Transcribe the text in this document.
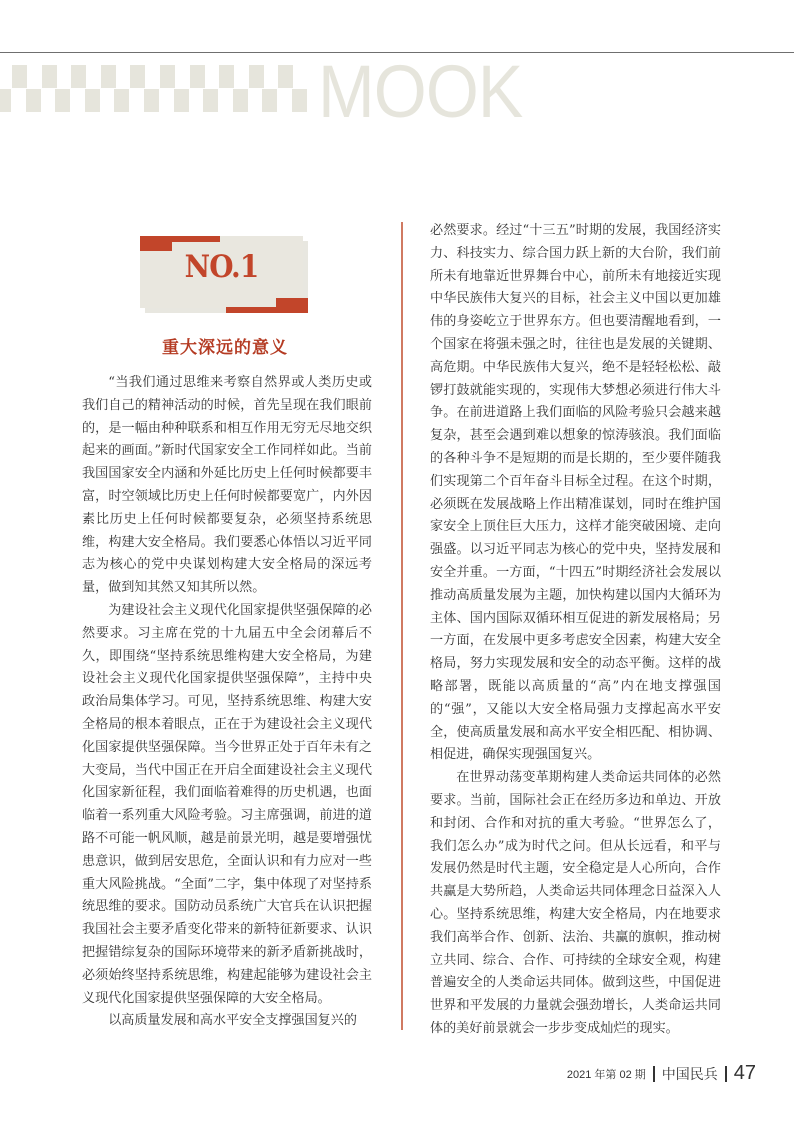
MOOK
NO.1
重大深远的意义

“当我们通过思维来考察自然界或人类历史或我们自己的精神活动的时候，首先呈现在我们眼前的，是一幅由种种联系和相互作用无穷无尽地交织起来的画面。”新时代国家安全工作同样如此。当前我国国家安全内涵和外延比历史上任何时候都要丰富，时空领域比历史上任何时候都要宽广，内外因素比历史上任何时候都要复杂，必须坚持系统思维，构建大安全格局。我们要悉心体悟以习近平同志为核心的党中央谋划构建大安全格局的深远考量，做到知其然又知其所以然。

为建设社会主义现代化国家提供坚强保障的必然要求。习主席在党的十九届五中全会闭幕后不久，即围绕“坚持系统思维构建大安全格局，为建设社会主义现代化国家提供坚强保障”，主持中央政治局集体学习。可见，坚持系统思维、构建大安全格局的根本着眼点，正在于为建设社会主义现代化国家提供坚强保障。当今世界正处于百年未有之大变局，当代中国正在开启全面建设社会主义现代化国家新征程，我们面临着难得的历史机遇，也面临着一系列重大风险考验。习主席强调，前进的道路不可能一帆风顺，越是前景光明，越是要增强忧患意识，做到居安思危，全面认识和有力应对一些重大风险挑战。“全面”二字，集中体现了对坚持系统思维的要求。国防动员系统广大官兵在认识把握我国社会主要矛盾变化带来的新特征新要求、认识把握错综复杂的国际环境带来的新矛盾新挑战时，必须始终坚持系统思维，构建起能够为建设社会主义现代化国家提供坚强保障的大安全格局。

以高质量发展和高水平安全支撑强国复兴的

必然要求。经过“十三五”时期的发展，我国经济实力、科技实力、综合国力跃上新的大台阶，我们前所未有地靠近世界舞台中心，前所未有地接近实现中华民族伟大复兴的目标，社会主义中国以更加雄伟的身姿屹立于世界东方。但也要清醒地看到，一个国家在将强未强之时，往往也是发展的关键期、高危期。中华民族伟大复兴，绝不是轻轻松松、敲锣打鼓就能实现的，实现伟大梦想必须进行伟大斗争。在前进道路上我们面临的风险考验只会越来越复杂，甚至会遇到难以想象的惊涛骇浪。我们面临的各种斗争不是短期的而是长期的，至少要伴随我们实现第二个百年奋斗目标全过程。在这个时期，必须既在发展战略上作出精准谋划，同时在维护国家安全上顶住巨大压力，这样才能突破困境、走向强盛。以习近平同志为核心的党中央，坚持发展和安全并重。一方面，“十四五”时期经济社会发展以推动高质量发展为主题，加快构建以国内大循环为主体、国内国际双循环相互促进的新发展格局；另一方面，在发展中更多考虑安全因素，构建大安全格局，努力实现发展和安全的动态平衡。这样的战略部署，既能以高质量的“高”内在地支撑强国的“强”，又能以大安全格局强力支撑起高水平安全，使高质量发展和高水平安全相匹配、相协调、相促进，确保实现强国复兴。

在世界动荡变革期构建人类命运共同体的必然要求。当前，国际社会正在经历多边和单边、开放和封闭、合作和对抗的重大考验。“世界怎么了，我们怎么办”成为时代之问。但从长远看，和平与发展仍然是时代主题，安全稳定是人心所向，合作共赢是大势所趋，人类命运共同体理念日益深入人心。坚持系统思维，构建大安全格局，内在地要求我们高举合作、创新、法治、共赢的旗帜，推动树立共同、综合、合作、可持续的全球安全观，构建普遍安全的人类命运共同体。做到这些，中国促进世界和平发展的力量就会强劲增长，人类命运共同体的美好前景就会一步步变成灿烂的现实。

2021 年第 02 期 中国民兵 47
